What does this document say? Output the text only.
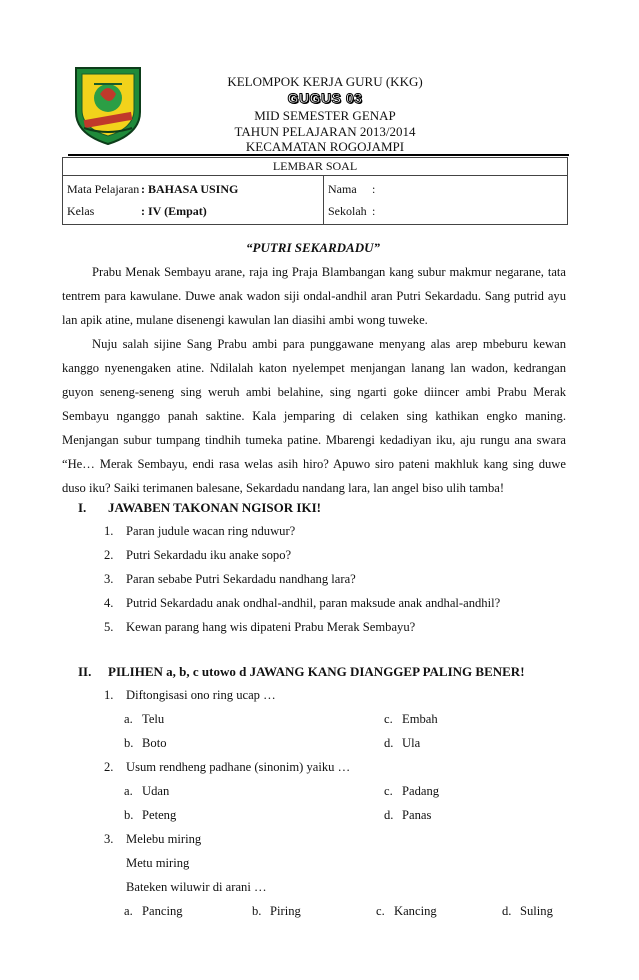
KELOMPOK KERJA GURU (KKG)
GUGUS 03
MID SEMESTER GENAP
TAHUN PELAJARAN 2013/2014
KECAMATAN ROGOJAMPI
LEMBAR SOAL

Mata Pelajaran : BAHASA USING
Kelas	: IV (Empat)

Nama	:
Sekolah :
“PUTRI SEKARDADU”
Prabu Menak Sembayu arane, raja ing Praja Blambangan kang subur makmur negarane, tata tentrem para kawulane. Duwe anak wadon siji ondal-andhil aran Putri Sekardadu. Sang putrid ayu lan apik atine, mulane disenengi kawulan lan diasihi ambi wong tuweke.
Nuju salah sijine Sang Prabu ambi para punggawane menyang alas arep mbeburu kewan kanggo nyenengaken atine. Ndilalah katon nyelempet menjangan lanang lan wadon, kedrangan guyon seneng-seneng sing weruh ambi belahine, sing ngarti goke diincer ambi Prabu Merak Sembayu nganggo panah saktine. Kala jemparing di celaken sing kathikan engko maning. Menjangan subur tumpang tindhih tumeka patine. Mbarengi kedadiyan iku, aju rungu ana swara “He… Merak Sembayu, endi rasa welas asih hiro? Apuwo siro pateni makhluk kang sing duwe duso iku? Saiki terimanen balesane, Sekardadu nandang lara, lan angel biso ulih tamba!
I. JAWABEN TAKONAN NGISOR IKI!
1. Paran judule wacan ring nduwur?
2. Putri Sekardadu iku anake sopo?
3. Paran sebabe Putri Sekardadu nandhang lara?
4. Putrid Sekardadu anak ondhal-andhil, paran maksude anak andhal-andhil?
5. Kewan parang hang wis dipateni Prabu Merak Sembayu?
II. PILIHEN a, b, c utowo d JAWANG KANG DIANGGEP PALING BENER!
1. Diftongisasi ono ring ucap …
a. Telu
b. Boto
c. Embah
d. Ula
2. Usum rendheng padhane (sinonim) yaiku …
a. Udan
b. Peteng
c. Padang
d. Panas
3. Melebu miring
Metu miring
Bateken wiluwir di arani …
a. Pancing	b. Piring	c. Kancing	d. Suling
